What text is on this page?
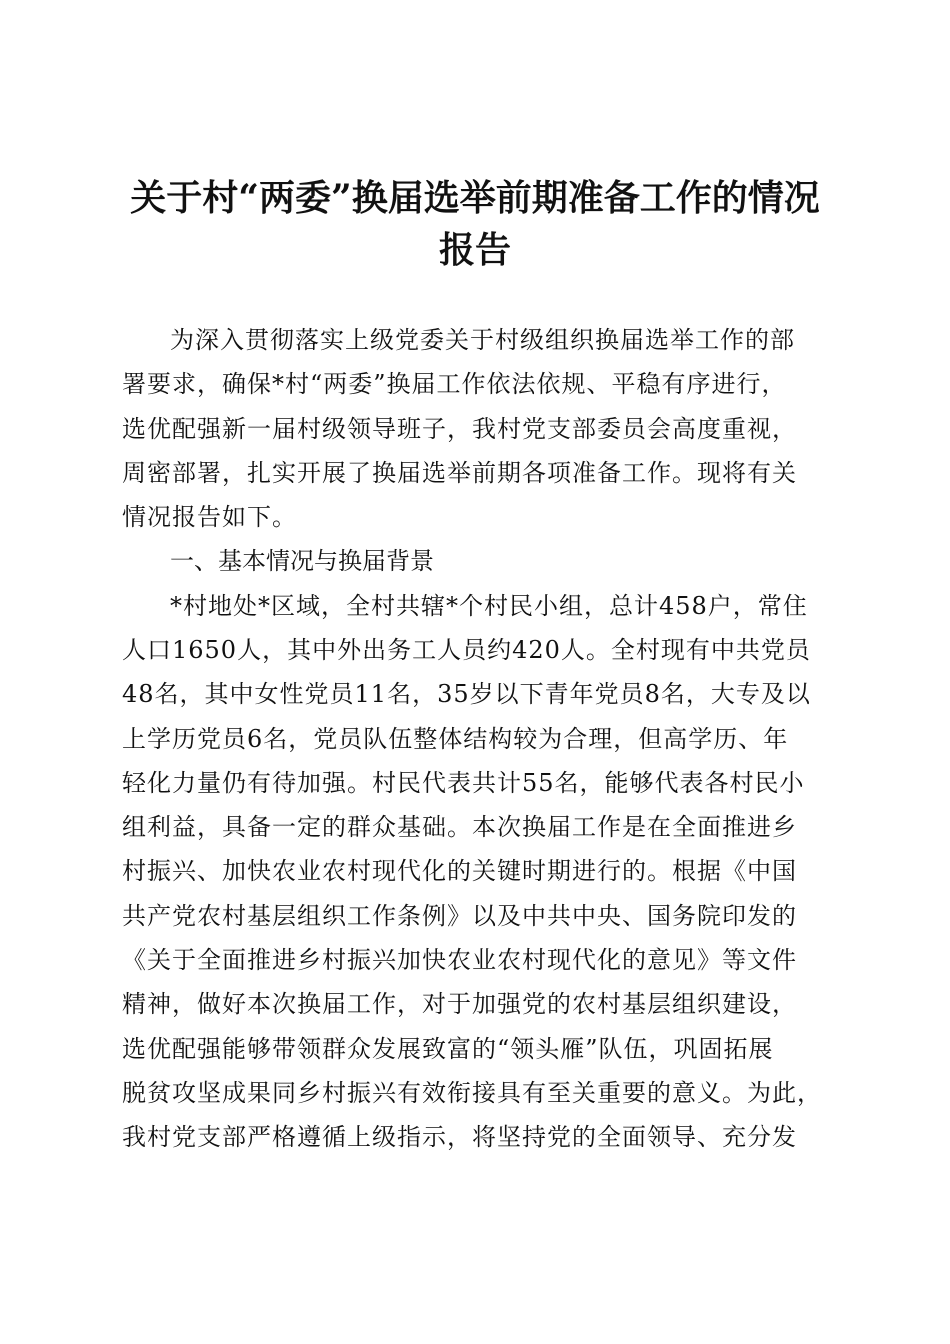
关于村“两委”换届选举前期准备工作的情况
报告
为深入贯彻落实上级党委关于村级组织换届选举工作的部
署要求，确保*村“两委”换届工作依法依规、平稳有序进行，
选优配强新一届村级领导班子，我村党支部委员会高度重视，
周密部署，扎实开展了换届选举前期各项准备工作。现将有关
情况报告如下。
一、基本情况与换届背景
*村地处*区域，全村共辖*个村民小组，总计458户，常住
人口1650人，其中外出务工人员约420人。全村现有中共党员
48名，其中女性党员11名，35岁以下青年党员8名，大专及以
上学历党员6名，党员队伍整体结构较为合理，但高学历、年
轻化力量仍有待加强。村民代表共计55名，能够代表各村民小
组利益，具备一定的群众基础。本次换届工作是在全面推进乡
村振兴、加快农业农村现代化的关键时期进行的。根据《中国
共产党农村基层组织工作条例》以及中共中央、国务院印发的
《关于全面推进乡村振兴加快农业农村现代化的意见》等文件
精神，做好本次换届工作，对于加强党的农村基层组织建设，
选优配强能够带领群众发展致富的“领头雁”队伍，巩固拓展
脱贫攻坚成果同乡村振兴有效衔接具有至关重要的意义。为此，
我村党支部严格遵循上级指示，将坚持党的全面领导、充分发
